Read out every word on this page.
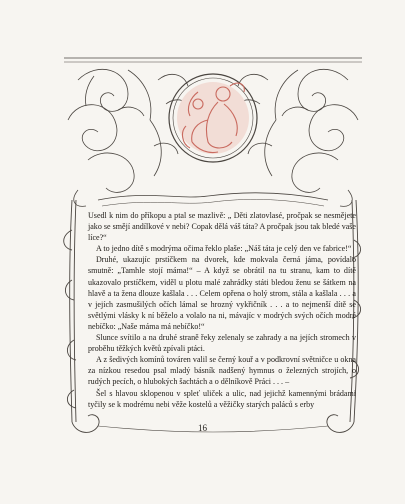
Usedl k nim do příkopu a ptal se mazlivě: „ Děti zlatovlasé, pročpak se nesmějete jako se smějí andílkové v nebi? Copak dělá váš táta? A pročpak jsou tak bledé vaše líce?“

A to jedno dítě s modrýma očima řeklo plaše: „Náš táta je celý den ve fabrice!“

Druhé, ukazujíc prstíčkem na dvorek, kde mokvala černá jáma, povídalo smutně: „Tamhle stojí máma!“ – A když se obrátil na tu stranu, kam to dítě ukazovalo prstíčkem, viděl u plotu malé zahrádky státi bledou ženu se šátkem na hlavě a ta žena dlouze kašlala . . . Celem opřena o holý strom, stála a kašlala . . . a v jejích zasmušilých očích lámal se hrozný vykřičník . . . a to nejmenší dítě se světlými vlásky k ní běželo a volalo na ni, mávajíc v modrých svých očích modré nebíčko: „Naše máma má nebíčko!“

Slunce svítilo a na druhé straně řeky zelenaly se zahrady a na jejích stromech v proběhu těžkých květů zpívali ptáci.

A z šedivých komínů továren valil se černý kouř a v podkrovní světničce u okna za nízkou resedou psal mladý básník nadšený hymnus o železných strojích, o rudých pecích, o hlubokých šachtách a o dělníkově Práci . . . –

Šel s hlavou sklopenou v spleť uliček a ulic, nad jejichž kamennými brádami tyčily se k modrému nebi věže kostelů a věžičky starých paláců s erby

16
